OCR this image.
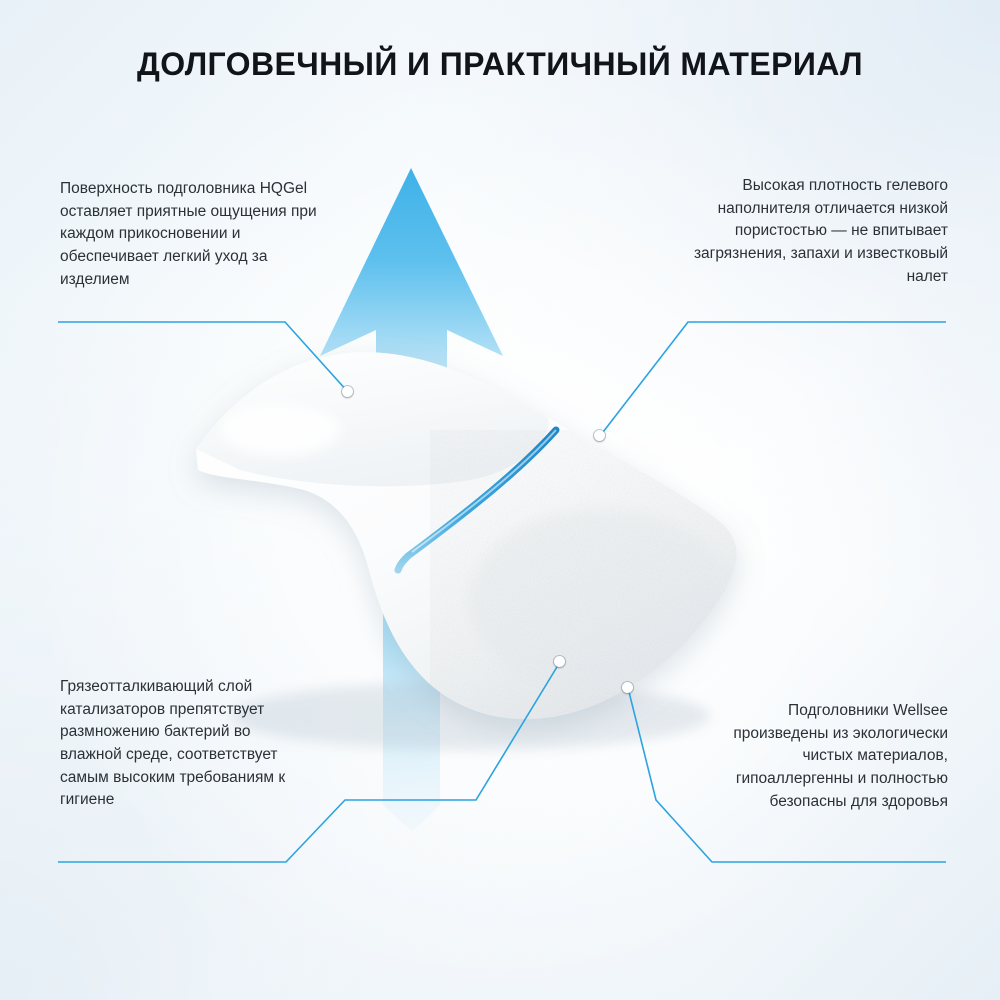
ДОЛГОВЕЧНЫЙ И ПРАКТИЧНЫЙ МАТЕРИАЛ
Поверхность подголовника HQGel оставляет приятные ощущения при каждом прикосновении и обеспечивает легкий уход за изделием
Высокая плотность гелевого наполнителя отличается низкой пористостью — не впитывает загрязнения, запахи и известковый налет
Грязеотталкивающий слой катализаторов препятствует размножению бактерий во влажной среде, соответствует самым высоким требованиям к гигиене
Подголовники Wellsee произведены из экологически чистых материалов, гипоаллергенны и полностью безопасны для здоровья
